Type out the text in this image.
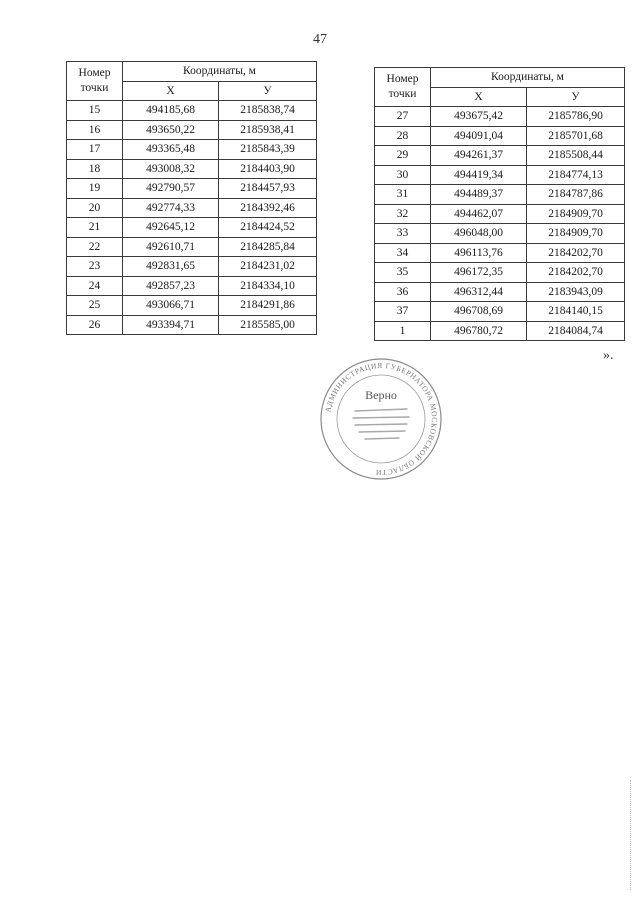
47
Номер точки	Координаты, м	
	X	У
15	494185,68	2185838,74
16	493650,22	2185938,41
17	493365,48	2185843,39
18	493008,32	2184403,90
19	492790,57	2184457,93
20	492774,33	2184392,46
21	492645,12	2184424,52
22	492610,71	2184285,84
23	492831,65	2184231,02
24	492857,23	2184334,10
25	493066,71	2184291,86
26	493394,71	2185585,00
Номер точки	Координаты, м	
	X	У
27	493675,42	2185786,90
28	494091,04	2185701,68
29	494261,37	2185508,44
30	494419,34	2184774,13
31	494489,37	2184787,86
32	494462,07	2184909,70
33	496048,00	2184909,70
34	496113,76	2184202,70
35	496172,35	2184202,70
36	496312,44	2183943,09
37	496708,69	2184140,15
1	496780,72	2184084,74
».
АДМИНИСТРАЦИЯ ГУБЕРНАТОРА МОСКОВСКОЙ ОБЛАСТИ
Верно
